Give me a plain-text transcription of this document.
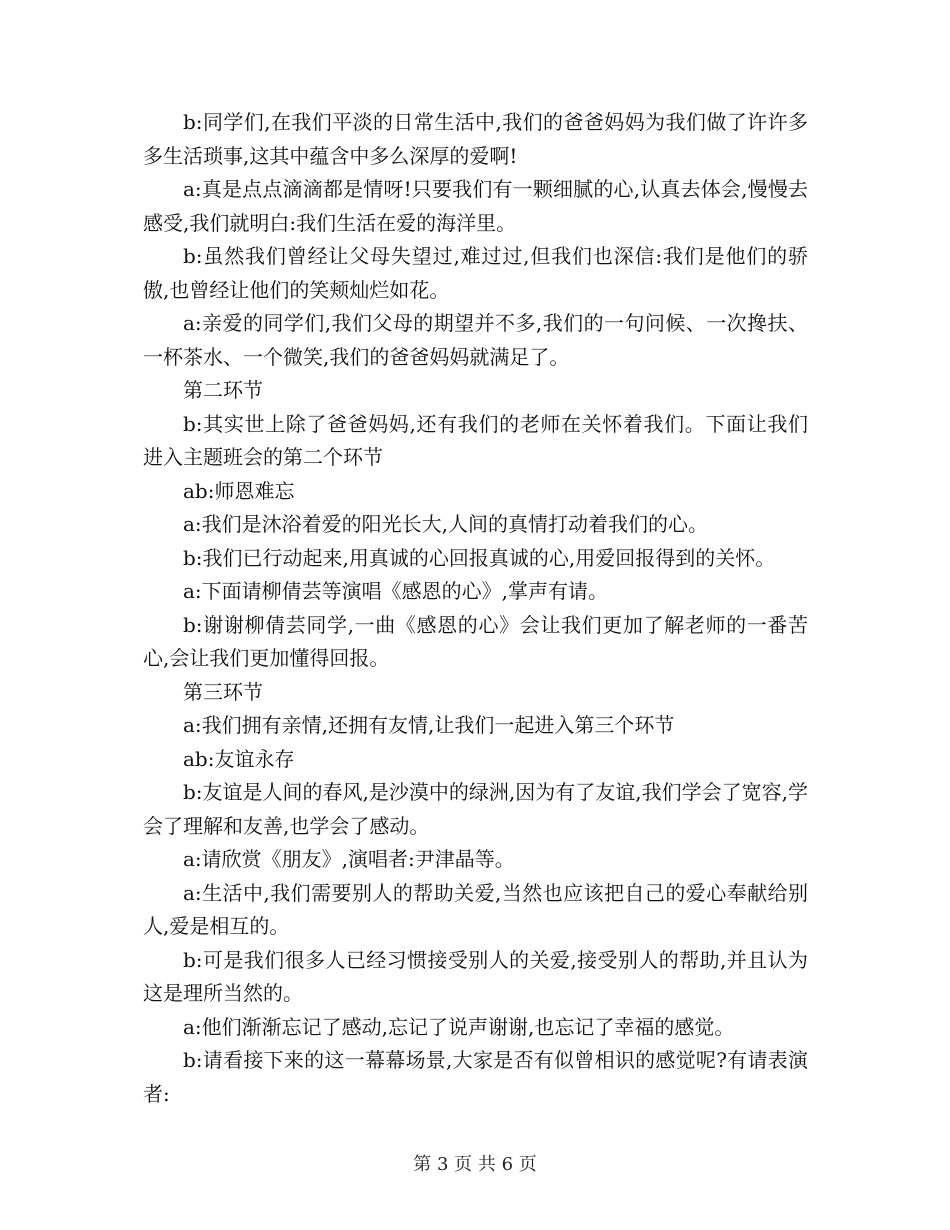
b:同学们,在我们平淡的日常生活中,我们的爸爸妈妈为我们做了许许多多生活琐事,这其中蕴含中多么深厚的爱啊!

a:真是点点滴滴都是情呀!只要我们有一颗细腻的心,认真去体会,慢慢去感受,我们就明白:我们生活在爱的海洋里。

b:虽然我们曾经让父母失望过,难过过,但我们也深信:我们是他们的骄傲,也曾经让他们的笑颊灿烂如花。

a:亲爱的同学们,我们父母的期望并不多,我们的一句问候、一次搀扶、一杯茶水、一个微笑,我们的爸爸妈妈就满足了。

第二环节

b:其实世上除了爸爸妈妈,还有我们的老师在关怀着我们。下面让我们进入主题班会的第二个环节

ab:师恩难忘

a:我们是沐浴着爱的阳光长大,人间的真情打动着我们的心。

b:我们已行动起来,用真诚的心回报真诚的心,用爱回报得到的关怀。

a:下面请柳倩芸等演唱《感恩的心》,掌声有请。

b:谢谢柳倩芸同学,一曲《感恩的心》会让我们更加了解老师的一番苦心,会让我们更加懂得回报。

第三环节

a:我们拥有亲情,还拥有友情,让我们一起进入第三个环节

ab:友谊永存

b:友谊是人间的春风,是沙漠中的绿洲,因为有了友谊,我们学会了宽容,学会了理解和友善,也学会了感动。

a:请欣赏《朋友》,演唱者:尹津晶等。

a:生活中,我们需要别人的帮助关爱,当然也应该把自己的爱心奉献给别人,爱是相互的。

b:可是我们很多人已经习惯接受别人的关爱,接受别人的帮助,并且认为这是理所当然的。

a:他们渐渐忘记了感动,忘记了说声谢谢,也忘记了幸福的感觉。

b:请看接下来的这一幕幕场景,大家是否有似曾相识的感觉呢?有请表演者:

第 3 页 共 6 页
